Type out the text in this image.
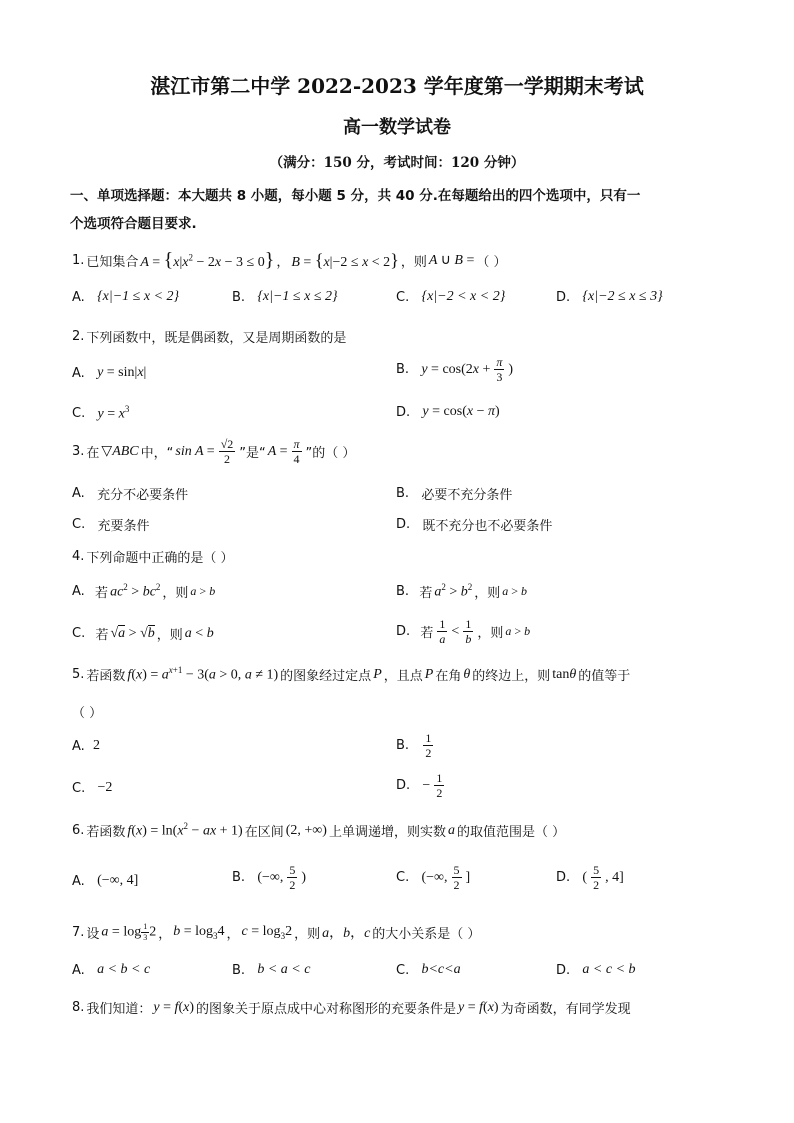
湛江市第二中学 2022-2023 学年度第一学期期末考试
高一数学试卷
（满分：150 分，考试时间：120 分钟）
一、单项选择题：本大题共 8 小题，每小题 5 分，共 40 分.在每题给出的四个选项中，只有一
个选项符合题目要求.
1. 已知集合 $A = \{x|x^2 - 2x - 3 \le 0\}$ ， B = {x|−2 ≤ x < 2} ，则 A ∪ B = （ ）
A.
{x|−1 ≤ x < 2}	B.
{x|−1 ≤ x ≤ 2}	C.
{x|−2 < x < 2}	D.
{x|−2 ≤ x ≤ 3}
2. 下列函数中，既是偶函数，又是周期函数的是
A.
y = sin|x|	B.
$y = \cos(2x + \frac{\pi}{3}$ )
C.
$y = x^3$	D.
y = cos(x − π)
3. 在 ▽ABC 中，“ $\sin A = \frac{√2}{2}$ ”是“ $A = \frac{\pi}{4}$ ”的（ ）
A.
充分不必要条件	B.
必要不充分条件
C.
充要条件	D.
既不充分也不必要条件
4. 下列命题中正确的是（ ）
A. 若 $ac^2 > bc^2$ ，则 a > b	B. 若 $a^2 > b^2$ ，则 a > b
C. 若 √a > √b ，则 a < b	D. 若 $\frac{1}{a} < \frac{1}{b}$ ，则 a > b
5. 若函数 $f(x) = a^{x+1} - 3(a > 0$, a ≠ 1) 的图象经过定点 P ，且点 P 在角 θ 的终边上，则 tanθ 的值等于
（ ）
A.
2	B.
$\frac{1}{2}$
C.
−2	D.
− $\frac{1}{2}$
6. 若函数 $f(x) = \ln(x^2$ − ax + 1) 在区间 (2, +∞) 上单调递增，则实数 a 的取值范围是（ ）
A.
(−∞, 4]	B.
(−∞, $\frac{5}{2}$ )	C.
(−∞, $\frac{5}{2}$ ]	D.
( $\frac{5}{2}$ , 4]
7. 设 $a = \log \frac{1}{3} 2$ ， $b = \log_34$ ， $c = \log_32$ ，则 a，b，c 的大小关系是（ ）
A.
a < b < c	B.
b < a < c	C.
b<c<a	D.
a < c < b
8. 我们知道： y = f(x) 的图象关于原点成中心对称图形的充要条件是 y = f(x) 为奇函数，有同学发现
